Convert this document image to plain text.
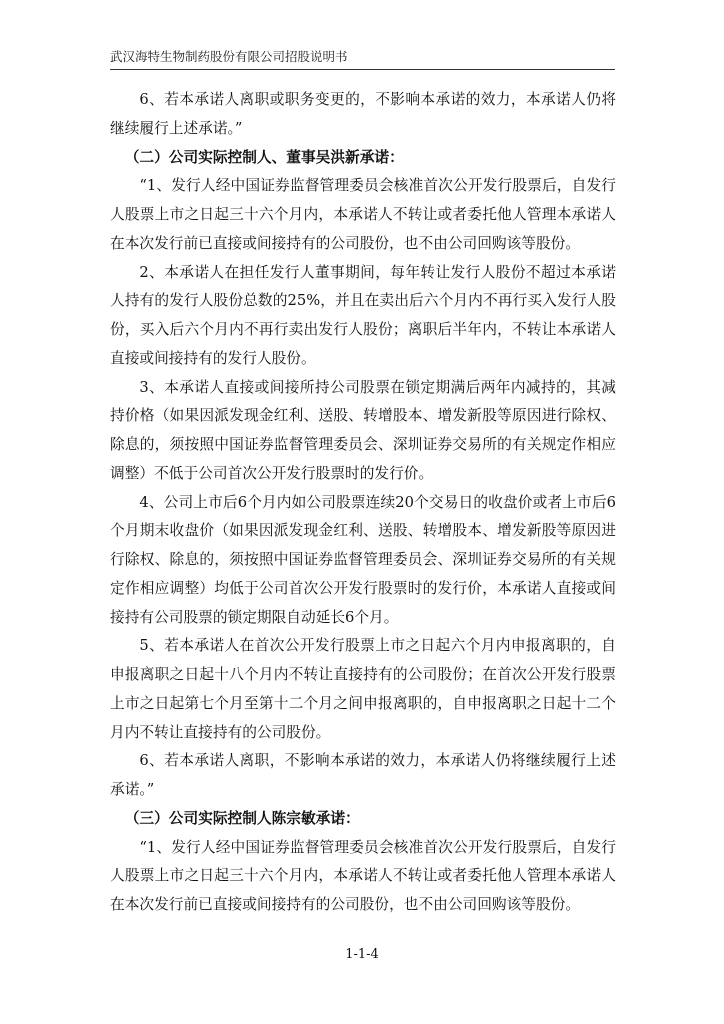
武汉海特生物制药股份有限公司招股说明书

6、若本承诺人离职或职务变更的，不影响本承诺的效力，本承诺人仍将继续履行上述承诺。”

（二）公司实际控制人、董事吴洪新承诺：

“1、发行人经中国证券监督管理委员会核准首次公开发行股票后，自发行人股票上市之日起三十六个月内，本承诺人不转让或者委托他人管理本承诺人在本次发行前已直接或间接持有的公司股份，也不由公司回购该等股份。

2、本承诺人在担任发行人董事期间，每年转让发行人股份不超过本承诺人持有的发行人股份总数的25%，并且在卖出后六个月内不再行买入发行人股份，买入后六个月内不再行卖出发行人股份；离职后半年内，不转让本承诺人直接或间接持有的发行人股份。

3、本承诺人直接或间接所持公司股票在锁定期满后两年内减持的，其减持价格（如果因派发现金红利、送股、转增股本、增发新股等原因进行除权、除息的，须按照中国证券监督管理委员会、深圳证券交易所的有关规定作相应调整）不低于公司首次公开发行股票时的发行价。

4、公司上市后6个月内如公司股票连续20个交易日的收盘价或者上市后6个月期末收盘价（如果因派发现金红利、送股、转增股本、增发新股等原因进行除权、除息的，须按照中国证券监督管理委员会、深圳证券交易所的有关规定作相应调整）均低于公司首次公开发行股票时的发行价，本承诺人直接或间接持有公司股票的锁定期限自动延长6个月。

5、若本承诺人在首次公开发行股票上市之日起六个月内申报离职的，自申报离职之日起十八个月内不转让直接持有的公司股份；在首次公开发行股票上市之日起第七个月至第十二个月之间申报离职的，自申报离职之日起十二个月内不转让直接持有的公司股份。

6、若本承诺人离职，不影响本承诺的效力，本承诺人仍将继续履行上述承诺。”

（三）公司实际控制人陈宗敏承诺：

“1、发行人经中国证券监督管理委员会核准首次公开发行股票后，自发行人股票上市之日起三十六个月内，本承诺人不转让或者委托他人管理本承诺人在本次发行前已直接或间接持有的公司股份，也不由公司回购该等股份。

1-1-4
